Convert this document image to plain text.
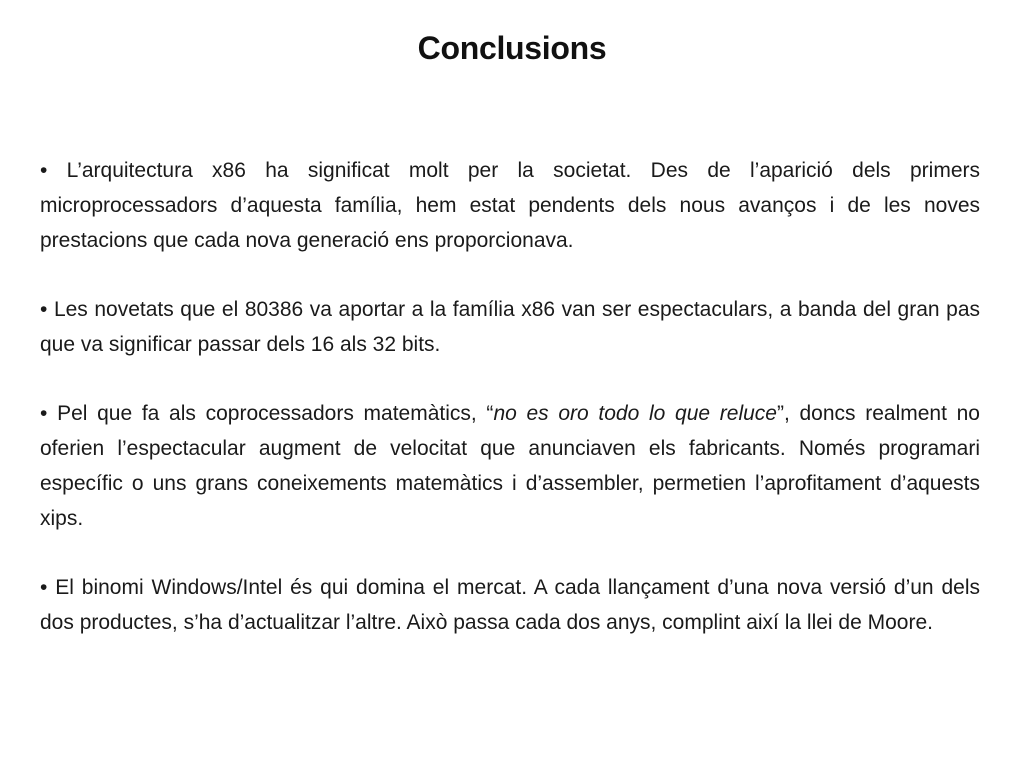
Conclusions

• L’arquitectura x86 ha significat molt per la societat. Des de l’aparició dels primers microprocessadors d’aquesta família, hem estat pendents dels nous avanços i de les noves prestacions que cada nova generació ens proporcionava.

• Les novetats que el 80386 va aportar a la família x86 van ser espectaculars, a banda del gran pas que va significar passar dels 16 als 32 bits.

• Pel que fa als coprocessadors matemàtics, “no es oro todo lo que reluce”, doncs realment no oferien l’espectacular augment de velocitat que anunciaven els fabricants. Només programari específic o uns grans coneixements matemàtics i d’assembler, permetien l’aprofitament d’aquests xips.

• El binomi Windows/Intel és qui domina el mercat. A cada llançament d’una nova versió d’un dels dos productes, s’ha d’actualitzar l’altre. Això passa cada dos anys, complint així la llei de Moore.
